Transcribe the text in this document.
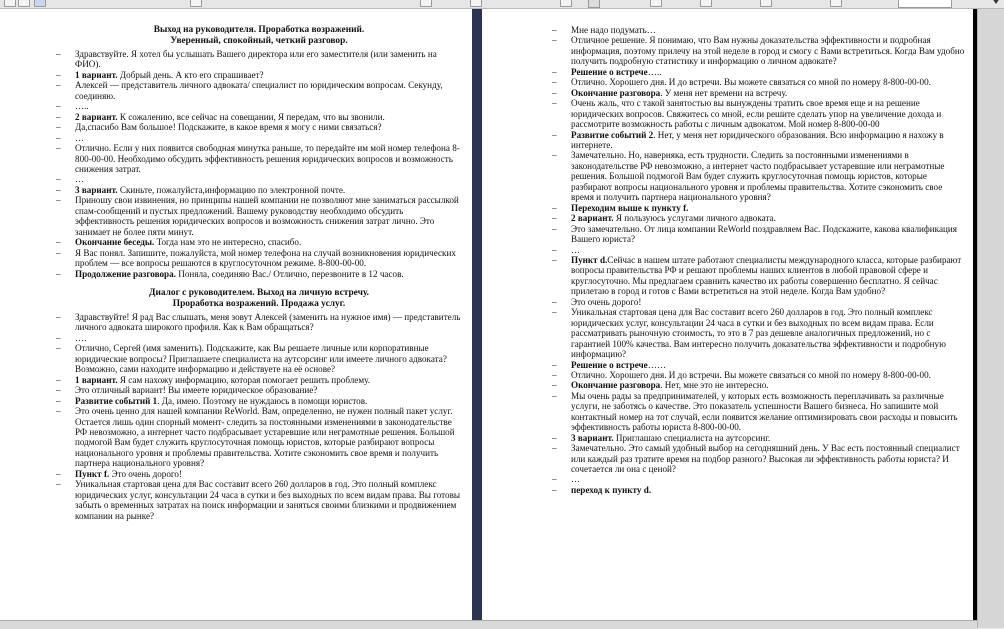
Выход на руководителя. Проработка возражений.
Уверенный, спокойный, четкий разговор.
– Здравствуйте. Я хотел бы услышать Вашего директора или его заместителя (или заменить на ФИО).
– 1 вариант. Добрый день. А кто его спрашивает?
– Алексей — представитель личного адвоката/ специалист по юридическим вопросам. Секунду, соединяю.
– …..
– 2 вариант. К сожалению, все сейчас на совещании, Я передам, что вы звонили.
– Да,спасибо Вам большое! Подскажите, в какое время я могу с ними связаться?
– …
– Отлично. Если у них появится свободная минутка раньше, то передайте им мой номер телефона 8-800-00-00. Необходимо обсудить эффективность решения юридических вопросов и возможность снижения затрат.
– …
– 3 вариант. Скиньте, пожалуйста,информацию по электронной почте.
– Приношу свои извинения, но принципы нашей компании не позволяют мне заниматься рассылкой спам-сообщений и пустых предложений. Вашему руководству необходимо обсудить эффективность решения юридических вопросов и возможность снижения затрат лично. Это занимает не более пяти минут.
– Окончание беседы. Тогда нам это не интересно, спасибо.
– Я Вас понял. Запишите, пожалуйста, мой номер телефона на случай возникновения юридических проблем — все вопросы решаются в круглосуточном режиме. 8-800-00-00.
– Продолжение разговора. Поняла, соединяю Вас./ Отлично, перезвоните в 12 часов.
Диалог с руководителем. Выход на личную встречу.
Проработка возражений. Продажа услуг.
– Здравствуйте! Я рад Вас слышать, меня зовут Алексей (заменить на нужное имя) — представитель личного адвоката широкого профиля. Как к Вам обращаться?
– ….
– Отлично, Сергей (имя заменить). Подскажите, как Вы решаете личные или корпоративные юридические вопросы? Приглашаете специалиста на аутсорсинг или имеете личного адвоката? Возможно, сами находите информацию и действуете на её основе?
– 1 вариант. Я сам нахожу информацию, которая помогает решить проблему.
– Это отличный вариант! Вы имеете юридическое образование?
– Развитие событий 1. Да, имею. Поэтому не нуждаюсь в помощи юристов.
– Это очень ценно для нашей компании ReWorld. Вам, определенно, не нужен полный пакет услуг. Остается лишь один спорный момент- следить за постоянными изменениями в законодательстве РФ невозможно, а интернет часто подбрасывает устаревшие или неграмотные решения. Большой подмогой Вам будет служить круглосуточная помощь юристов, которые разбирают вопросы национального уровня и проблемы правительства. Хотите сэкономить свое время и получить партнера национального уровня?
– Пункт f. Это очень дорого!
– Уникальная стартовая цена для Вас составит всего 260 долларов в год. Это полный комплекс юридических услуг, консультации 24 часа в сутки и без выходных по всем видам права. Вы готовы забыть о временных затратах на поиск информации и заняться своими близкими и продвижением компании на рынке?
– Мне надо подумать…
– Отличное решение. Я понимаю, что Вам нужны доказательства эффективности и подробная информация, поэтому прилечу на этой неделе в город и смогу с Вами встретиться. Когда Вам удобно получить подробную статистику и информацию о личном адвокате?
– Решение о встрече…..
– Отлично. Хорошего дня. И до встречи. Вы можете связаться со мной по номеру 8-800-00-00.
– Окончание разговора. У меня нет времени на встречу.
– Очень жаль, что с такой занятостью вы вынуждены тратить свое время еще и на решение юридических вопросов. Свяжитесь со мной, если решите сделать упор на увеличение дохода и рассмотрите возможность работы с личным адвокатом. Мой номер 8-800-00-00
– Развитие событий 2. Нет, у меня нет юридического образования. Всю информацию я нахожу в интернете.
– Замечательно. Но, наверняка, есть трудности. Следить за постоянными изменениями в законодательстве РФ невозможно, а интернет часто подбрасывает устаревшие или неграмотные решения. Большой подмогой Вам будет служить круглосуточная помощь юристов, которые разбирают вопросы национального уровня и проблемы правительства. Хотите сэкономить свое время и получить партнера национального уровня?
– Переходим выше к пункту f.
– 2 вариант. Я пользуюсь услугами личного адвоката.
– Это замечательно. От лица компании ReWorld поздравляем Вас. Подскажите, какова квалификация Вашего юриста?
– …
– Пункт d.Сейчас в нашем штате работают специалисты международного класса, которые разбирают вопросы правительства РФ и решают проблемы наших клиентов в любой правовой сфере и круглосуточно. Мы предлагаем сравнить качество их работы совершенно бесплатно. Я сейчас прилетаю в город и готов с Вами встретиться на этой неделе. Когда Вам удобно?
– Это очень дорого!
– Уникальная стартовая цена для Вас составит всего 260 долларов в год. Это полный комплекс юридических услуг, консультации 24 часа в сутки и без выходных по всем видам права. Если рассматривать рыночную стоимость, то это в 7 раз дешевле аналогичных предложений, но с гарантией 100% качества. Вам интересно получить доказательства эффективности и подробную информацию?
– Решение о встрече……
– Отлично. Хорошего дня. И до встречи. Вы можете связаться со мной по номеру 8-800-00-00.
– Окончание разговора. Нет, мне это не интересно.
– Мы очень рады за предпринимателей, у которых есть возможность переплачивать за различные услуги, не заботясь о качестве. Это показатель успешности Вашего бизнеса. Но запишите мой контактный номер на тот случай, если появится желание оптимизировать свои расходы и повысить эффективность работы юриста 8-800-00-00.
– 3 вариант. Приглашаю специалиста на аутсорсинг.
– Замечательно. Это самый удобный выбор на сегодняшний день. У Вас есть постоянный специалист или каждый раз тратите время на подбор разного? Высокая ли эффективность работы юриста? И сочетается ли она с ценой?
– …
– переход к пункту d.
